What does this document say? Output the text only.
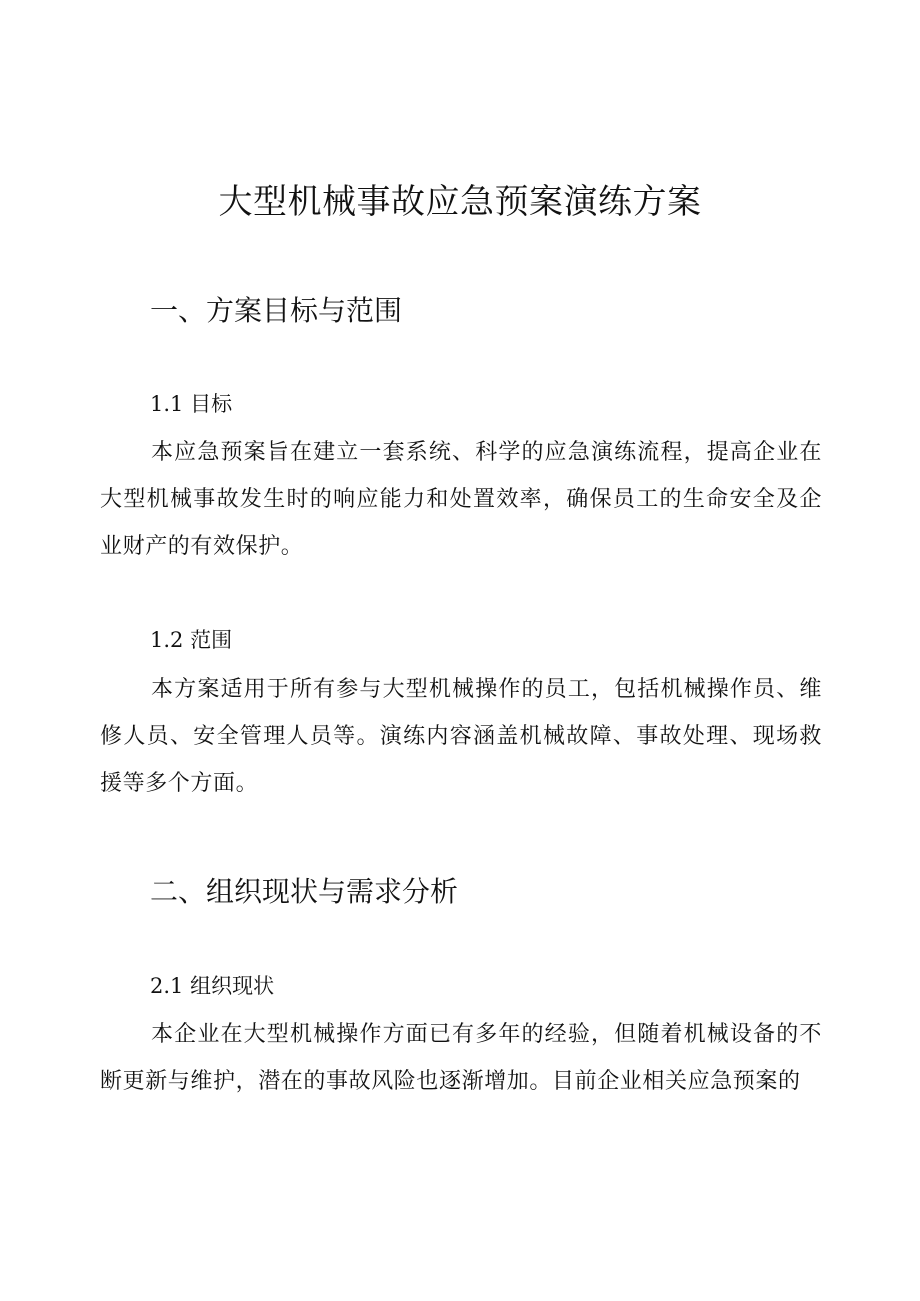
大型机械事故应急预案演练方案
一、方案目标与范围
1.1 目标

本应急预案旨在建立一套系统、科学的应急演练流程，提高企业在大型机械事故发生时的响应能力和处置效率，确保员工的生命安全及企业财产的有效保护。

1.2 范围

本方案适用于所有参与大型机械操作的员工，包括机械操作员、维修人员、安全管理人员等。演练内容涵盖机械故障、事故处理、现场救援等多个方面。

二、组织现状与需求分析
2.1 组织现状

本企业在大型机械操作方面已有多年的经验，但随着机械设备的不断更新与维护，潜在的事故风险也逐渐增加。目前企业相关应急预案的
